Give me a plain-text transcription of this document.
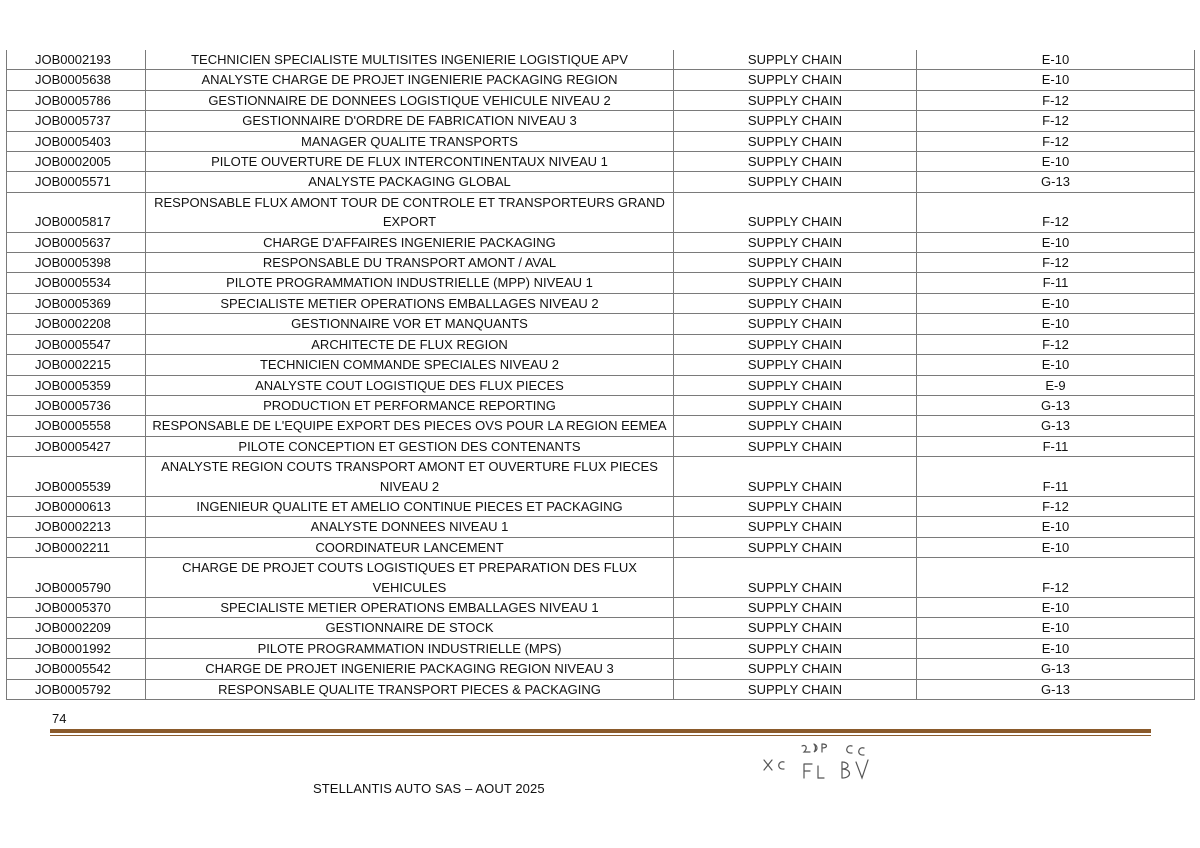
JOB0002193	TECHNICIEN SPECIALISTE MULTISITES INGENIERIE LOGISTIQUE APV	SUPPLY CHAIN	E-10
JOB0005638	ANALYSTE CHARGE DE PROJET INGENIERIE PACKAGING REGION	SUPPLY CHAIN	E-10
JOB0005786	GESTIONNAIRE DE DONNEES LOGISTIQUE VEHICULE NIVEAU 2	SUPPLY CHAIN	F-12
JOB0005737	GESTIONNAIRE D'ORDRE DE FABRICATION NIVEAU 3	SUPPLY CHAIN	F-12
JOB0005403	MANAGER QUALITE TRANSPORTS	SUPPLY CHAIN	F-12
JOB0002005	PILOTE OUVERTURE DE FLUX INTERCONTINENTAUX NIVEAU 1	SUPPLY CHAIN	E-10
JOB0005571	ANALYSTE PACKAGING GLOBAL	SUPPLY CHAIN	G-13
JOB0005817	RESPONSABLE FLUX AMONT TOUR DE CONTROLE ET TRANSPORTEURS GRAND EXPORT	SUPPLY CHAIN	F-12
JOB0005637	CHARGE D'AFFAIRES INGENIERIE PACKAGING	SUPPLY CHAIN	E-10
JOB0005398	RESPONSABLE DU TRANSPORT AMONT / AVAL	SUPPLY CHAIN	F-12
JOB0005534	PILOTE PROGRAMMATION INDUSTRIELLE (MPP) NIVEAU 1	SUPPLY CHAIN	F-11
JOB0005369	SPECIALISTE METIER OPERATIONS EMBALLAGES NIVEAU 2	SUPPLY CHAIN	E-10
JOB0002208	GESTIONNAIRE VOR ET MANQUANTS	SUPPLY CHAIN	E-10
JOB0005547	ARCHITECTE DE FLUX REGION	SUPPLY CHAIN	F-12
JOB0002215	TECHNICIEN COMMANDE SPECIALES NIVEAU 2	SUPPLY CHAIN	E-10
JOB0005359	ANALYSTE COUT LOGISTIQUE DES FLUX PIECES	SUPPLY CHAIN	E-9
JOB0005736	PRODUCTION ET PERFORMANCE REPORTING	SUPPLY CHAIN	G-13
JOB0005558	RESPONSABLE DE L'EQUIPE EXPORT DES PIECES OVS POUR LA REGION EEMEA	SUPPLY CHAIN	G-13
JOB0005427	PILOTE CONCEPTION ET GESTION DES CONTENANTS	SUPPLY CHAIN	F-11
JOB0005539	ANALYSTE REGION COUTS TRANSPORT AMONT ET OUVERTURE FLUX PIECES NIVEAU 2	SUPPLY CHAIN	F-11
JOB0000613	INGENIEUR QUALITE ET AMELIO CONTINUE PIECES ET PACKAGING	SUPPLY CHAIN	F-12
JOB0002213	ANALYSTE DONNEES NIVEAU 1	SUPPLY CHAIN	E-10
JOB0002211	COORDINATEUR LANCEMENT	SUPPLY CHAIN	E-10
JOB0005790	CHARGE DE PROJET COUTS LOGISTIQUES ET PREPARATION DES FLUX VEHICULES	SUPPLY CHAIN	F-12
JOB0005370	SPECIALISTE METIER OPERATIONS EMBALLAGES NIVEAU 1	SUPPLY CHAIN	E-10
JOB0002209	GESTIONNAIRE DE STOCK	SUPPLY CHAIN	E-10
JOB0001992	PILOTE PROGRAMMATION INDUSTRIELLE (MPS)	SUPPLY CHAIN	E-10
JOB0005542	CHARGE DE PROJET INGENIERIE PACKAGING REGION NIVEAU 3	SUPPLY CHAIN	G-13
JOB0005792	RESPONSABLE QUALITE TRANSPORT PIECES & PACKAGING	SUPPLY CHAIN	G-13
74
STELLANTIS AUTO SAS – AOUT 2025
